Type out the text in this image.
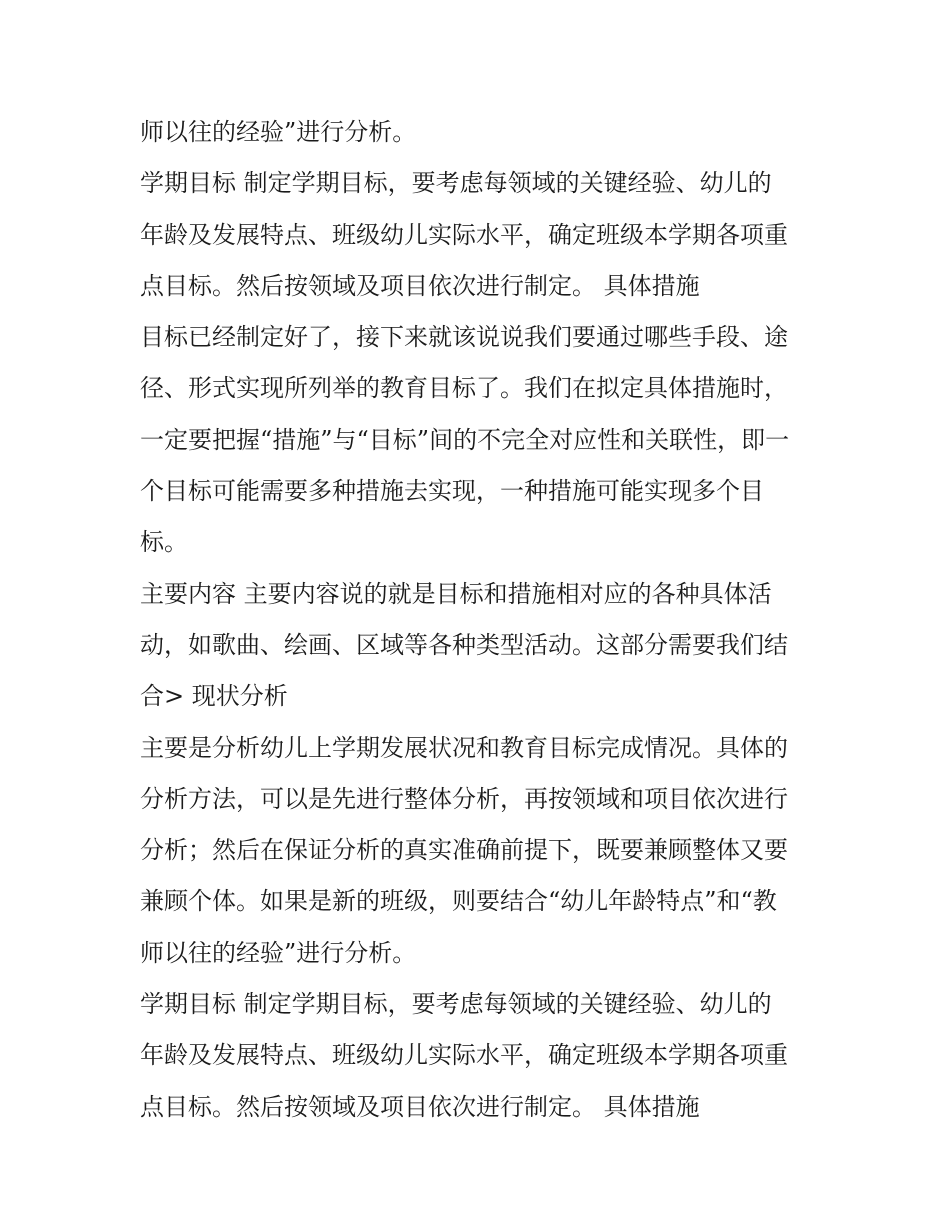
师以往的经验”进行分析。
学期目标 制定学期目标，要考虑每领域的关键经验、幼儿的
年龄及发展特点、班级幼儿实际水平，确定班级本学期各项重
点目标。然后按领域及项目依次进行制定。 具体措施
目标已经制定好了，接下来就该说说我们要通过哪些手段、途
径、形式实现所列举的教育目标了。我们在拟定具体措施时，
一定要把握“措施”与“目标”间的不完全对应性和关联性，即一
个目标可能需要多种措施去实现，一种措施可能实现多个目
标。
主要内容 主要内容说的就是目标和措施相对应的各种具体活
动，如歌曲、绘画、区域等各种类型活动。这部分需要我们结
合> 现状分析
主要是分析幼儿上学期发展状况和教育目标完成情况。具体的
分析方法，可以是先进行整体分析，再按领域和项目依次进行
分析；然后在保证分析的真实准确前提下，既要兼顾整体又要
兼顾个体。如果是新的班级，则要结合“幼儿年龄特点”和“教
师以往的经验”进行分析。
学期目标 制定学期目标，要考虑每领域的关键经验、幼儿的
年龄及发展特点、班级幼儿实际水平，确定班级本学期各项重
点目标。然后按领域及项目依次进行制定。 具体措施
